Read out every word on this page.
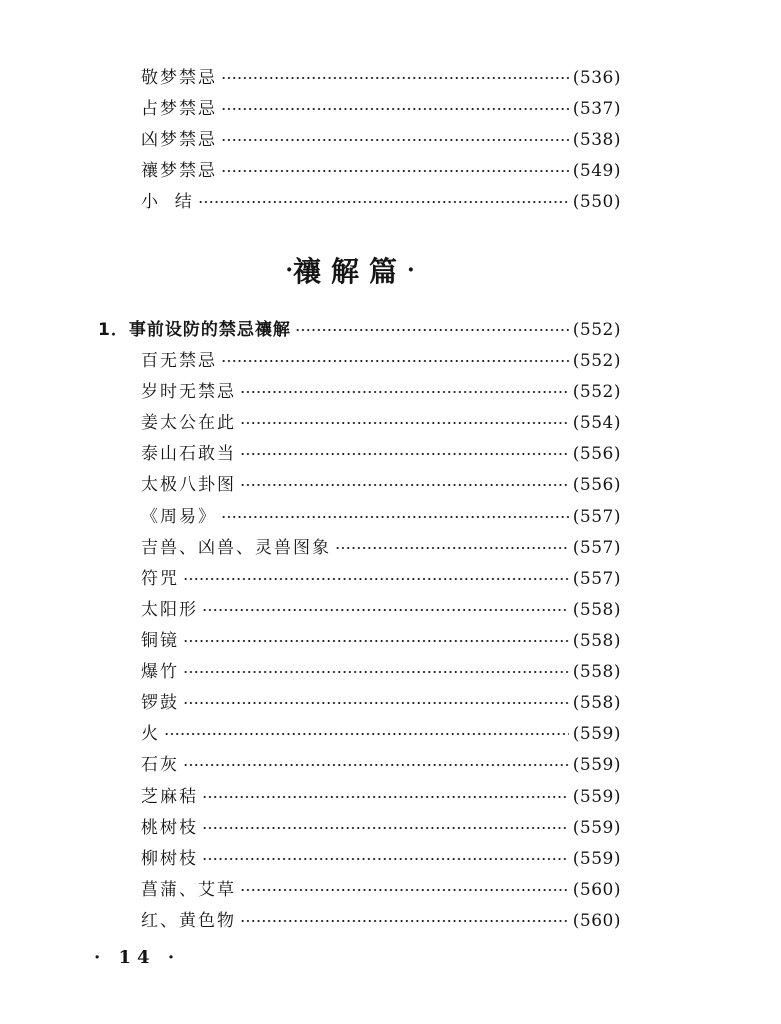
敬梦禁忌	(536)
占梦禁忌	(537)
凶梦禁忌	(538)
禳梦禁忌	(549)
小  结	(550)
· 禳解篇 ·
1．事前设防的禁忌禳解	(552)
百无禁忌	(552)
岁时无禁忌	(552)
姜太公在此	(554)
泰山石敢当	(556)
太极八卦图	(556)
《周易》	(557)
吉兽、凶兽、灵兽图象	(557)
符咒	(557)
太阳形	(558)
铜镜	(558)
爆竹	(558)
锣鼓	(558)
火	(559)
石灰	(559)
芝麻秸	(559)
桃树枝	(559)
柳树枝	(559)
菖蒲、艾草	(560)
红、黄色物	(560)
· 14 ·
